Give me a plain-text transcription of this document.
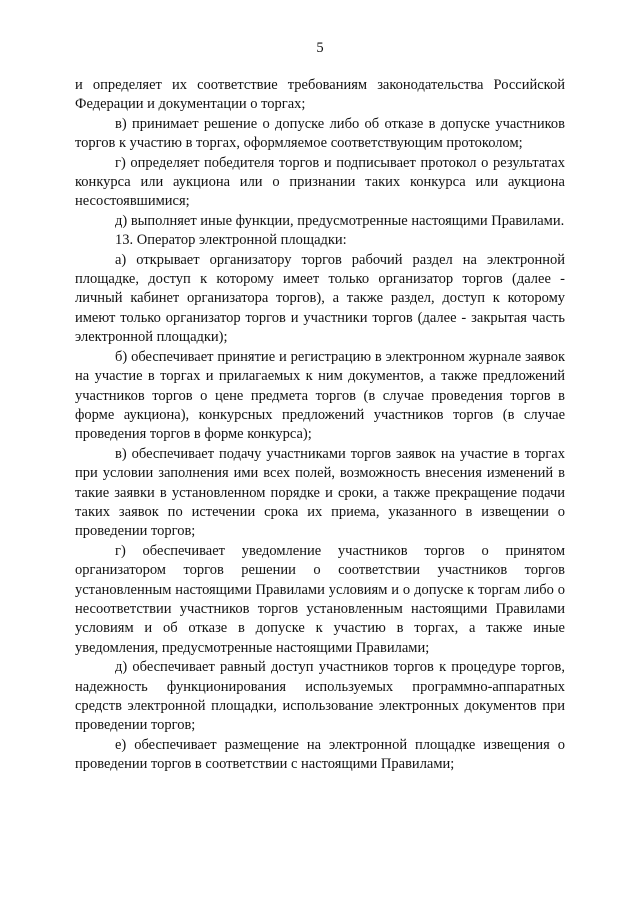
5

и определяет их соответствие требованиям законодательства Российской Федерации и документации о торгах;

в) принимает решение о допуске либо об отказе в допуске участников торгов к участию в торгах, оформляемое соответствующим протоколом;

г) определяет победителя торгов и подписывает протокол о результатах конкурса или аукциона или о признании таких конкурса или аукциона несостоявшимися;

д) выполняет иные функции, предусмотренные настоящими Правилами.

13. Оператор электронной площадки:

а) открывает организатору торгов рабочий раздел на электронной площадке, доступ к которому имеет только организатор торгов (далее - личный кабинет организатора торгов), а также раздел, доступ к которому имеют только организатор торгов и участники торгов (далее - закрытая часть электронной площадки);

б) обеспечивает принятие и регистрацию в электронном журнале заявок на участие в торгах и прилагаемых к ним документов, а также предложений участников торгов о цене предмета торгов (в случае проведения торгов в форме аукциона), конкурсных предложений участников торгов (в случае проведения торгов в форме конкурса);

в) обеспечивает подачу участниками торгов заявок на участие в торгах при условии заполнения ими всех полей, возможность внесения изменений в такие заявки в установленном порядке и сроки, а также прекращение подачи таких заявок по истечении срока их приема, указанного в извещении о проведении торгов;

г) обеспечивает уведомление участников торгов о принятом организатором торгов решении о соответствии участников торгов установленным настоящими Правилами условиям и о допуске к торгам либо о несоответствии участников торгов установленным настоящими Правилами условиям и об отказе в допуске к участию в торгах, а также иные уведомления, предусмотренные настоящими Правилами;

д) обеспечивает равный доступ участников торгов к процедуре торгов, надежность функционирования используемых программно-аппаратных средств электронной площадки, использование электронных документов при проведении торгов;

е) обеспечивает размещение на электронной площадке извещения о проведении торгов в соответствии с настоящими Правилами;
